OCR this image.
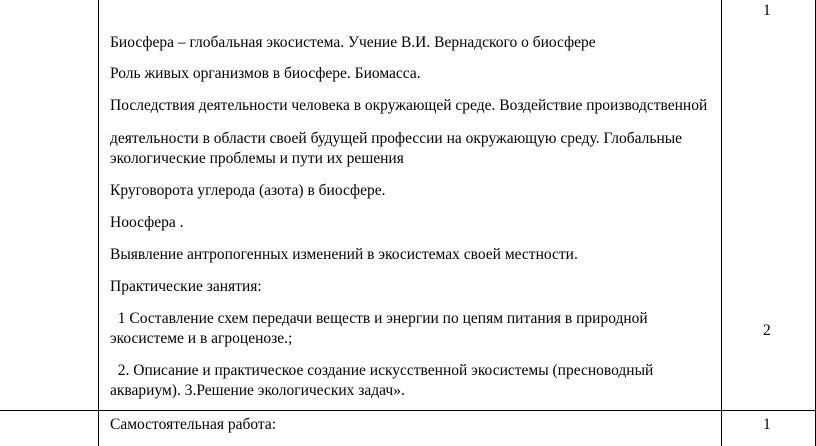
Биосфера – глобальная экосистема. Учение В.И. Вернадского о биосфере
Роль живых организмов в биосфере. Биомасса.
Последствия деятельности человека в окружающей среде. Воздействие производственной
деятельности в области своей будущей профессии на окружающую среду. Глобальные
экологические проблемы и пути их решения
Круговорота углерода (азота) в биосфере.
Ноосфера .
Выявление антропогенных изменений в экосистемах своей местности.
Практические занятия:
1 Составление схем передачи веществ и энергии по цепям питания в природной
экосистеме и в агроценозе.;
2. Описание и практическое создание искусственной экосистемы (пресноводный
аквариум). 3.Решение экологических задач».
1
2
Самостоятельная работа:	1
